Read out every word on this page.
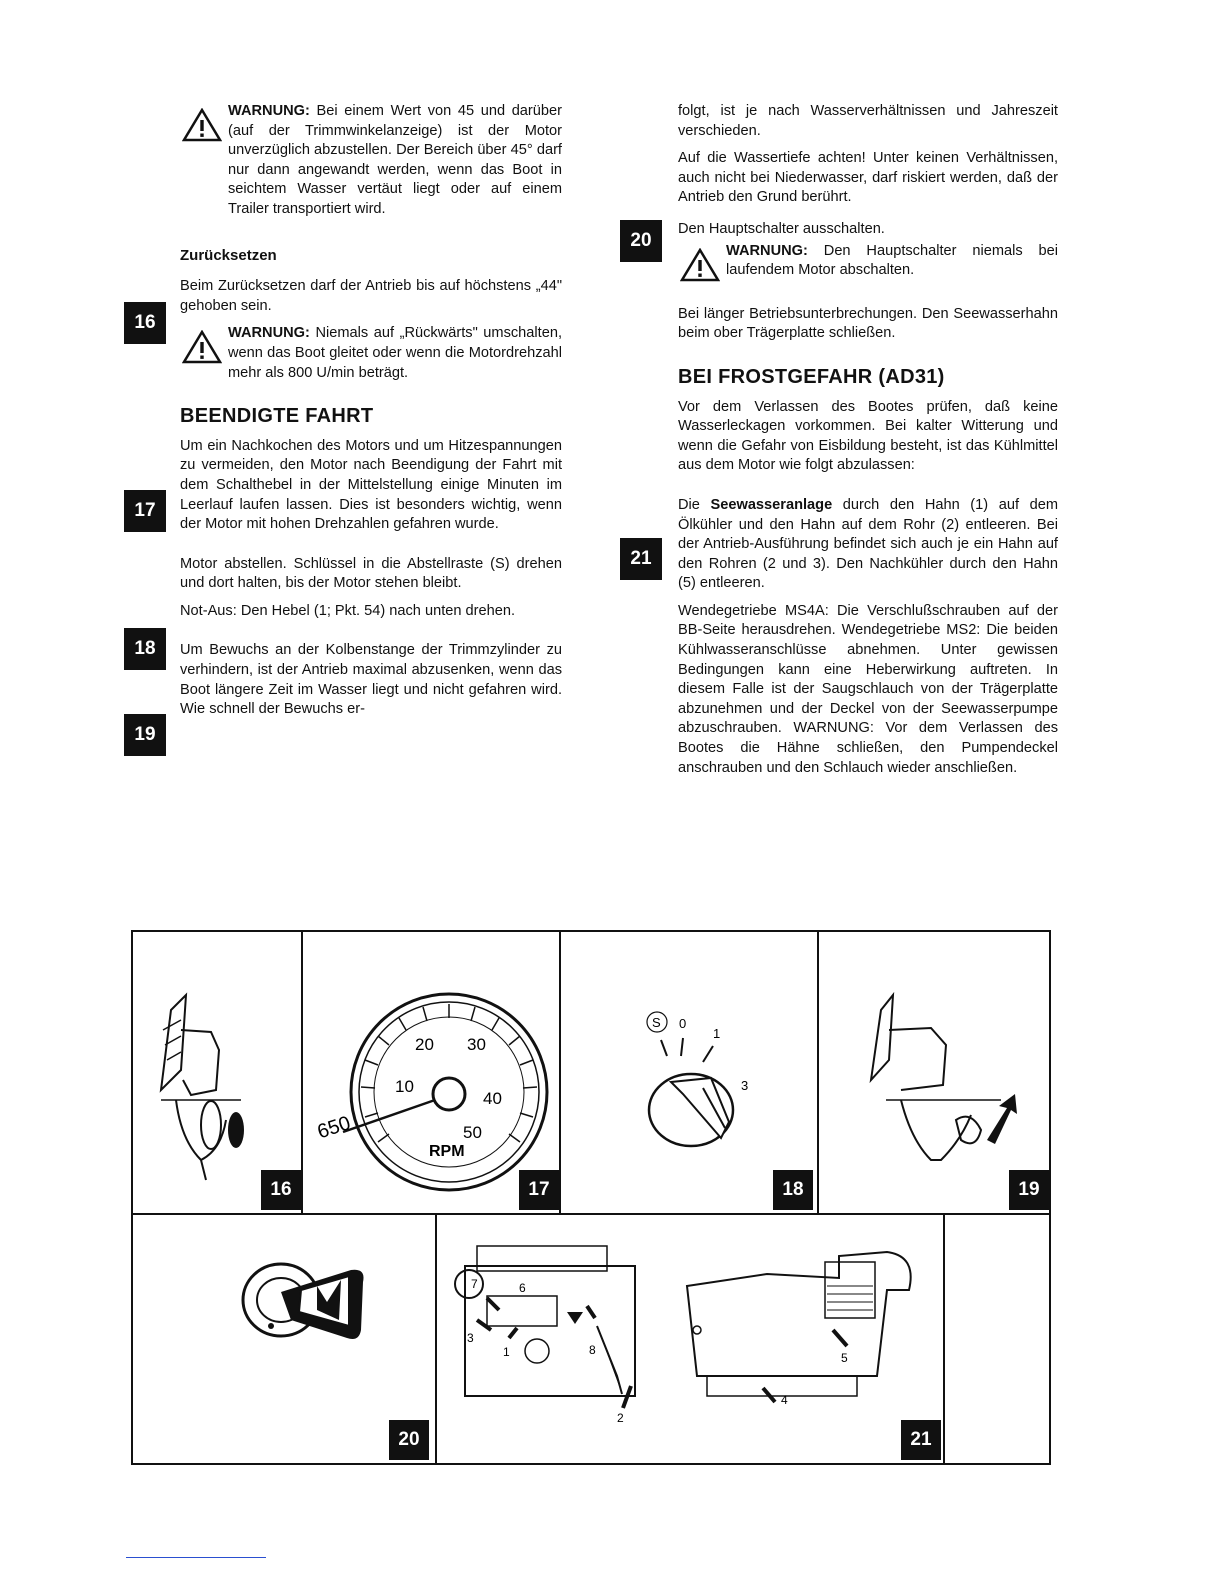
WARNUNG: Bei einem Wert von 45 und darüber (auf der Trimmwinkelanzeige) ist der Motor unverzüglich abzustellen. Der Bereich über 45° darf nur dann angewandt werden, wenn das Boot in seichtem Wasser vertäut liegt oder auf einem Trailer transportiert wird.
Zurücksetzen

Beim Zurücksetzen darf der Antrieb bis auf höchstens „44" gehoben sein.

WARNUNG: Niemals auf „Rückwärts" umschalten, wenn das Boot gleitet oder wenn die Motordrehzahl mehr als 800 U/min beträgt.
BEENDIGTE FAHRT

Um ein Nachkochen des Motors und um Hitzespannungen zu vermeiden, den Motor nach Beendigung der Fahrt mit dem Schalthebel in der Mittelstellung einige Minuten im Leerlauf laufen lassen. Dies ist besonders wichtig, wenn der Motor mit hohen Drehzahlen gefahren wurde.

Motor abstellen. Schlüssel in die Abstellraste (S) drehen und dort halten, bis der Motor stehen bleibt.

Not-Aus: Den Hebel (1; Pkt. 54) nach unten drehen.

Um Bewuchs an der Kolbenstange der Trimmzylinder zu verhindern, ist der Antrieb maximal abzusenken, wenn das Boot längere Zeit im Wasser liegt und nicht gefahren wird. Wie schnell der Bewuchs er-

folgt, ist je nach Wasserverhältnissen und Jahreszeit verschieden.

Auf die Wassertiefe achten! Unter keinen Verhältnissen, auch nicht bei Niederwasser, darf riskiert werden, daß der Antrieb den Grund berührt.

Den Hauptschalter ausschalten.

WARNUNG: Den Hauptschalter niemals bei laufendem Motor abschalten.

Bei länger Betriebsunterbrechungen. Den Seewasserhahn beim ober Trägerplatte schließen.

BEI FROSTGEFAHR (AD31)

Vor dem Verlassen des Bootes prüfen, daß keine Wasserleckagen vorkommen. Bei kalter Witterung und wenn die Gefahr von Eisbildung besteht, ist das Kühlmittel aus dem Motor wie folgt abzulassen:

Die Seewasseranlage durch den Hahn (1) auf dem Ölkühler und den Hahn auf dem Rohr (2) entleeren. Bei der Antrieb-Ausführung befindet sich auch je ein Hahn auf den Rohren (2 und 3). Den Nachkühler durch den Hahn (5) entleeren.

Wendegetriebe MS4A: Die Verschlußschrauben auf der BB-Seite herausdrehen. Wendegetriebe MS2: Die beiden Kühlwasseranschlüsse abnehmen. Unter gewissen Bedingungen kann eine Heberwirkung auftreten. In diesem Falle ist der Saugschlauch von der Trägerplatte abzunehmen und der Deckel von der Seewasserpumpe abzuschrauben. WARNUNG: Vor dem Verlassen des Bootes die Hähne schließen, den Pumpendeckel anschrauben und den Schlauch wieder anschließen.

16
17
18
19
20
21
16
20 30
10
40
50
RPM
650
17
S 0
1
3
18	19
20
7	6
3
1	8
2
5
4
21
